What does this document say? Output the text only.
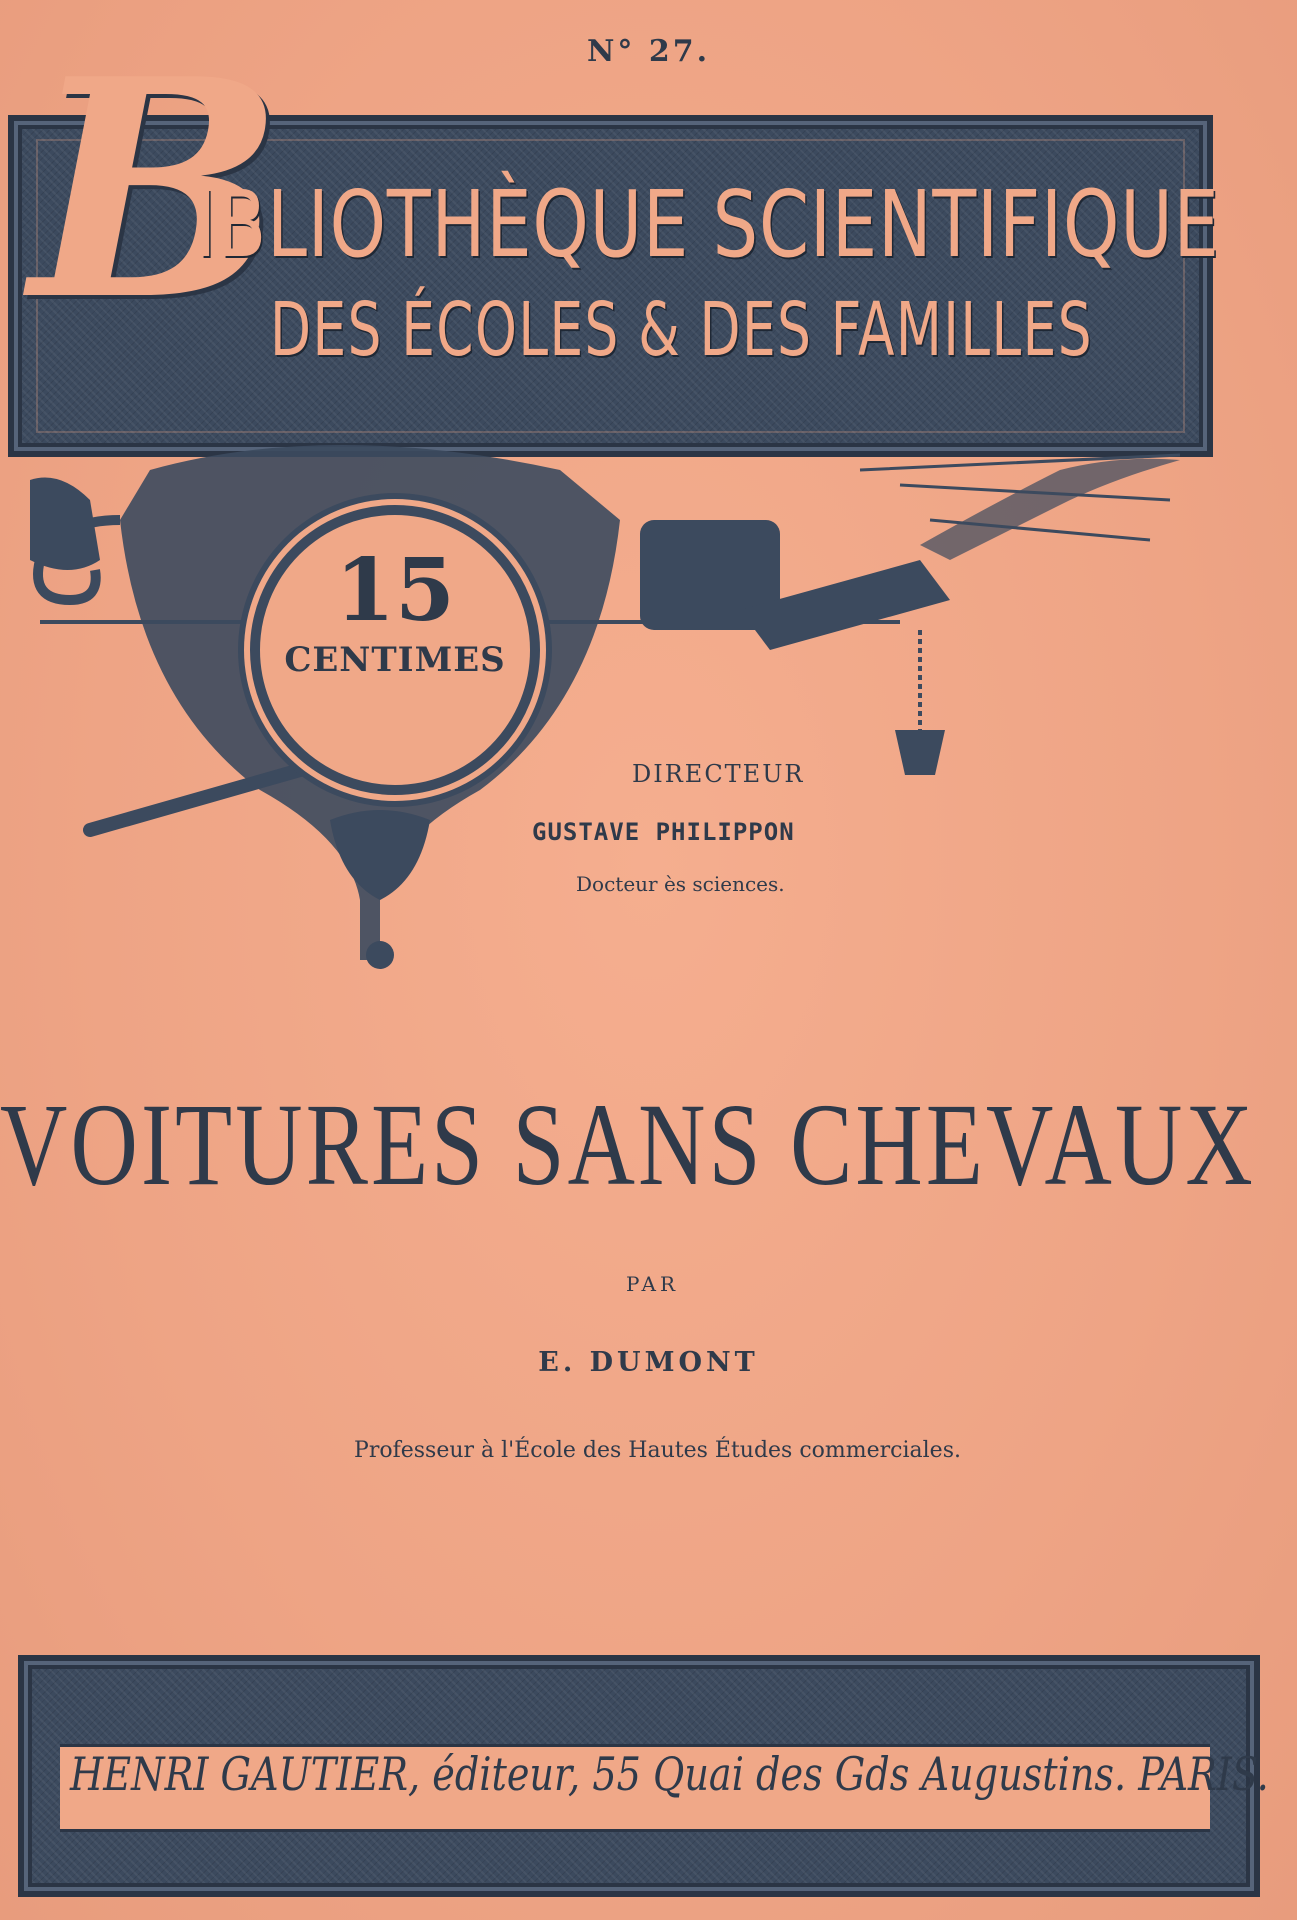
N° 27.
B
IBLIOTHÈQUE SCIENTIFIQUE
DES ÉCOLES & DES FAMILLES
15
CENTIMES
DIRECTEUR
GUSTAVE PHILIPPON
Docteur ès sciences.
VOITURES SANS CHEVAUX
PAR
E. DUMONT
Professeur à l'École des Hautes Études commerciales.
HENRI GAUTIER, éditeur, 55 Quai des Gds Augustins. PARIS.
